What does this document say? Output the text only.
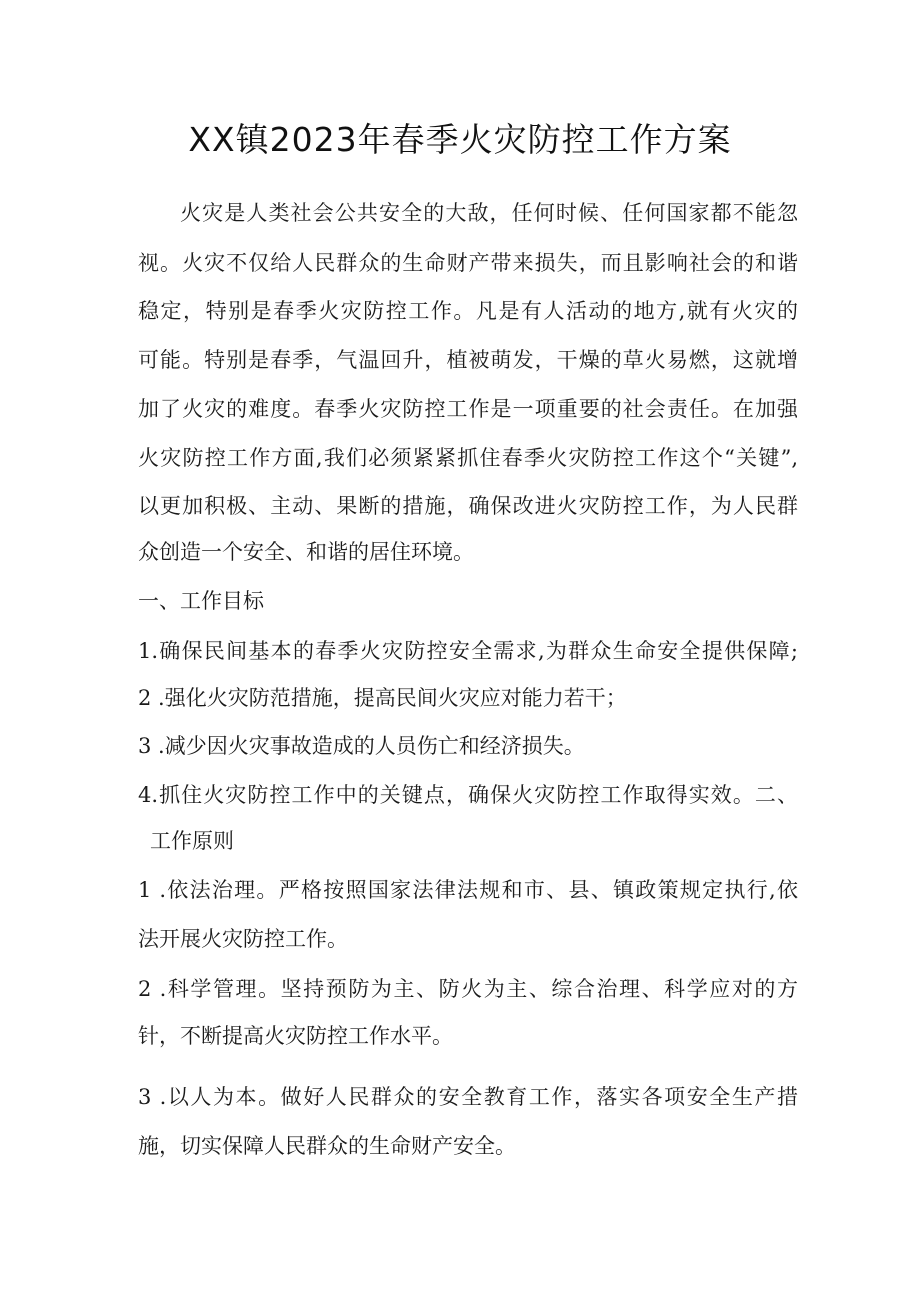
XX镇2023年春季火灾防控工作方案
火灾是人类社会公共安全的大敌，任何时候、任何国家都不能忽
视。火灾不仅给人民群众的生命财产带来损失，而且影响社会的和谐
稳定，特别是春季火灾防控工作。凡是有人活动的地方,就有火灾的
可能。特别是春季，气温回升，植被萌发，干燥的草火易燃，这就增
加了火灾的难度。春季火灾防控工作是一项重要的社会责任。在加强
火灾防控工作方面,我们必须紧紧抓住春季火灾防控工作这个“关键”,
以更加积极、主动、果断的措施，确保改进火灾防控工作，为人民群
众创造一个安全、和谐的居住环境。
一、工作目标
1.确保民间基本的春季火灾防控安全需求,为群众生命安全提供保障;
2 .强化火灾防范措施，提高民间火灾应对能力若干；
3 .减少因火灾事故造成的人员伤亡和经济损失。
4.抓住火灾防控工作中的关键点，确保火灾防控工作取得实效。二、
工作原则
1 .依法治理。严格按照国家法律法规和市、县、镇政策规定执行,依
法开展火灾防控工作。
2 .科学管理。坚持预防为主、防火为主、综合治理、科学应对的方
针，不断提高火灾防控工作水平。
3 .以人为本。做好人民群众的安全教育工作，落实各项安全生产措
施，切实保障人民群众的生命财产安全。
